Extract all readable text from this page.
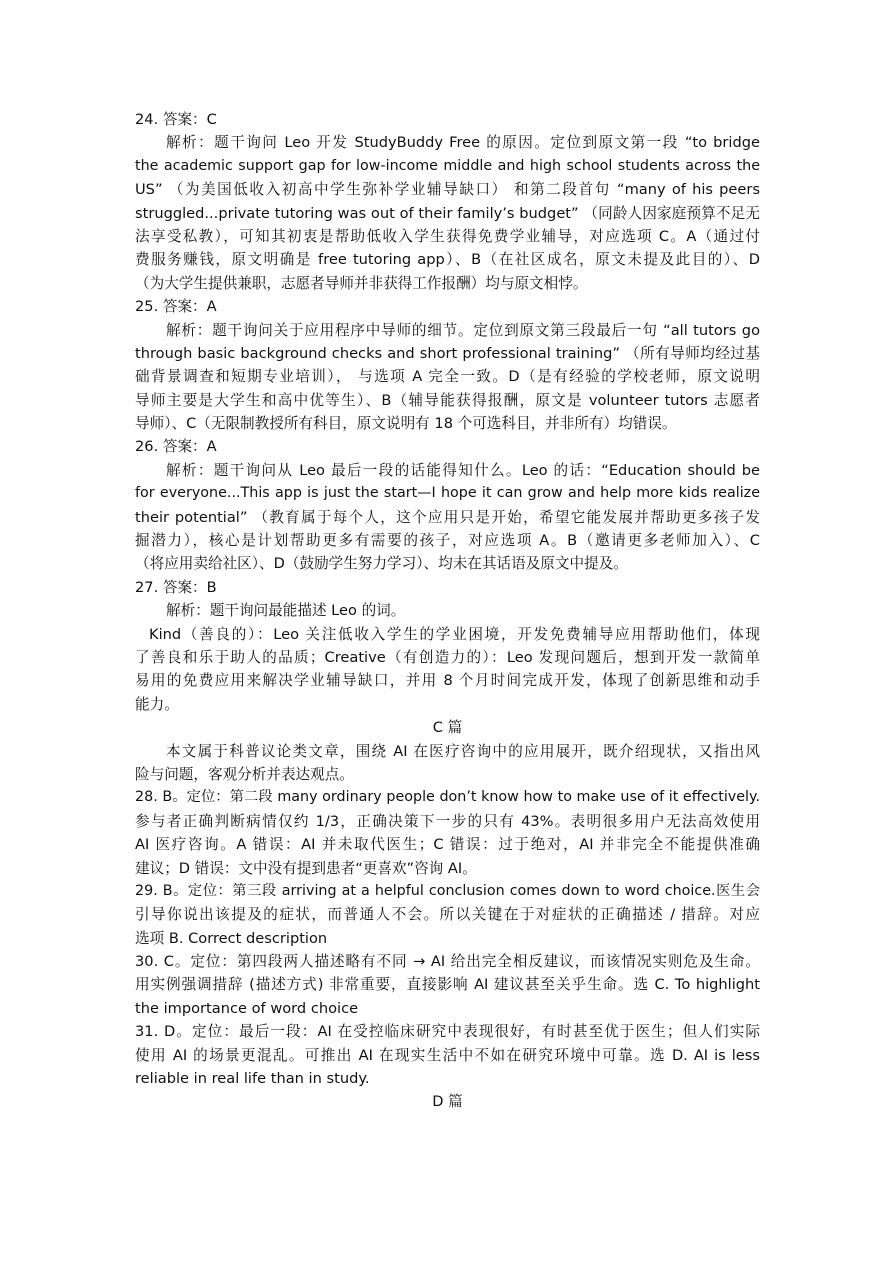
24. 答案：C
解析：题干询问 Leo 开发 StudyBuddy Free 的原因。定位到原文第一段 “to bridge
the academic support gap for low-income middle and high school students across the
US” （为美国低收入初高中学生弥补学业辅导缺口） 和第二段首句 “many of his peers
struggled...private tutoring was out of their family’s budget” （同龄人因家庭预算不足无
法享受私教），可知其初衷是帮助低收入学生获得免费学业辅导，对应选项 C。A（通过付
费服务赚钱，原文明确是 free tutoring app）、B（在社区成名，原文未提及此目的）、D
（为大学生提供兼职，志愿者导师并非获得工作报酬）均与原文相悖。
25. 答案：A
解析：题干询问关于应用程序中导师的细节。定位到原文第三段最后一句 “all tutors go
through basic background checks and short professional training” （所有导师均经过基
础背景调查和短期专业培训）， 与选项 A 完全一致。D（是有经验的学校老师，原文说明
导师主要是大学生和高中优等生）、B（辅导能获得报酬，原文是 volunteer tutors 志愿者
导师）、C（无限制教授所有科目，原文说明有 18 个可选科目，并非所有）均错误。
26. 答案：A
解析：题干询问从 Leo 最后一段的话能得知什么。Leo 的话：“Education should be
for everyone...This app is just the start—I hope it can grow and help more kids realize
their potential” （教育属于每个人，这个应用只是开始，希望它能发展并帮助更多孩子发
掘潜力），核心是计划帮助更多有需要的孩子，对应选项 A。B（邀请更多老师加入）、C
（将应用卖给社区）、D（鼓励学生努力学习）、均未在其话语及原文中提及。
27. 答案：B
解析：题干询问最能描述 Leo 的词。
Kind（善良的）：Leo 关注低收入学生的学业困境，开发免费辅导应用帮助他们，体现
了善良和乐于助人的品质；Creative（有创造力的）：Leo 发现问题后，想到开发一款简单
易用的免费应用来解决学业辅导缺口，并用 8 个月时间完成开发，体现了创新思维和动手
能力。
C 篇
本文属于科普议论类文章，围绕 AI 在医疗咨询中的应用展开，既介绍现状，又指出风
险与问题，客观分析并表达观点。
28. B。定位：第二段 many ordinary people don’t know how to make use of it effectively.
参与者正确判断病情仅约 1/3，正确决策下一步的只有 43%。表明很多用户无法高效使用
AI 医疗咨询。A 错误：AI 并未取代医生；C 错误：过于绝对，AI 并非完全不能提供准确
建议；D 错误：文中没有提到患者“更喜欢”咨询 AI。
29. B。定位：第三段 arriving at a helpful conclusion comes down to word choice.医生会
引导你说出该提及的症状，而普通人不会。所以关键在于对症状的正确描述 / 措辞。对应
选项 B. Correct description
30. C。定位：第四段两人描述略有不同 → AI 给出完全相反建议，而该情况实则危及生命。
用实例强调措辞 (描述方式) 非常重要，直接影响 AI 建议甚至关乎生命。选 C. To highlight
the importance of word choice
31. D。定位：最后一段：AI 在受控临床研究中表现很好，有时甚至优于医生；但人们实际
使用 AI 的场景更混乱。可推出 AI 在现实生活中不如在研究环境中可靠。选 D. AI is less
reliable in real life than in study.
D 篇
